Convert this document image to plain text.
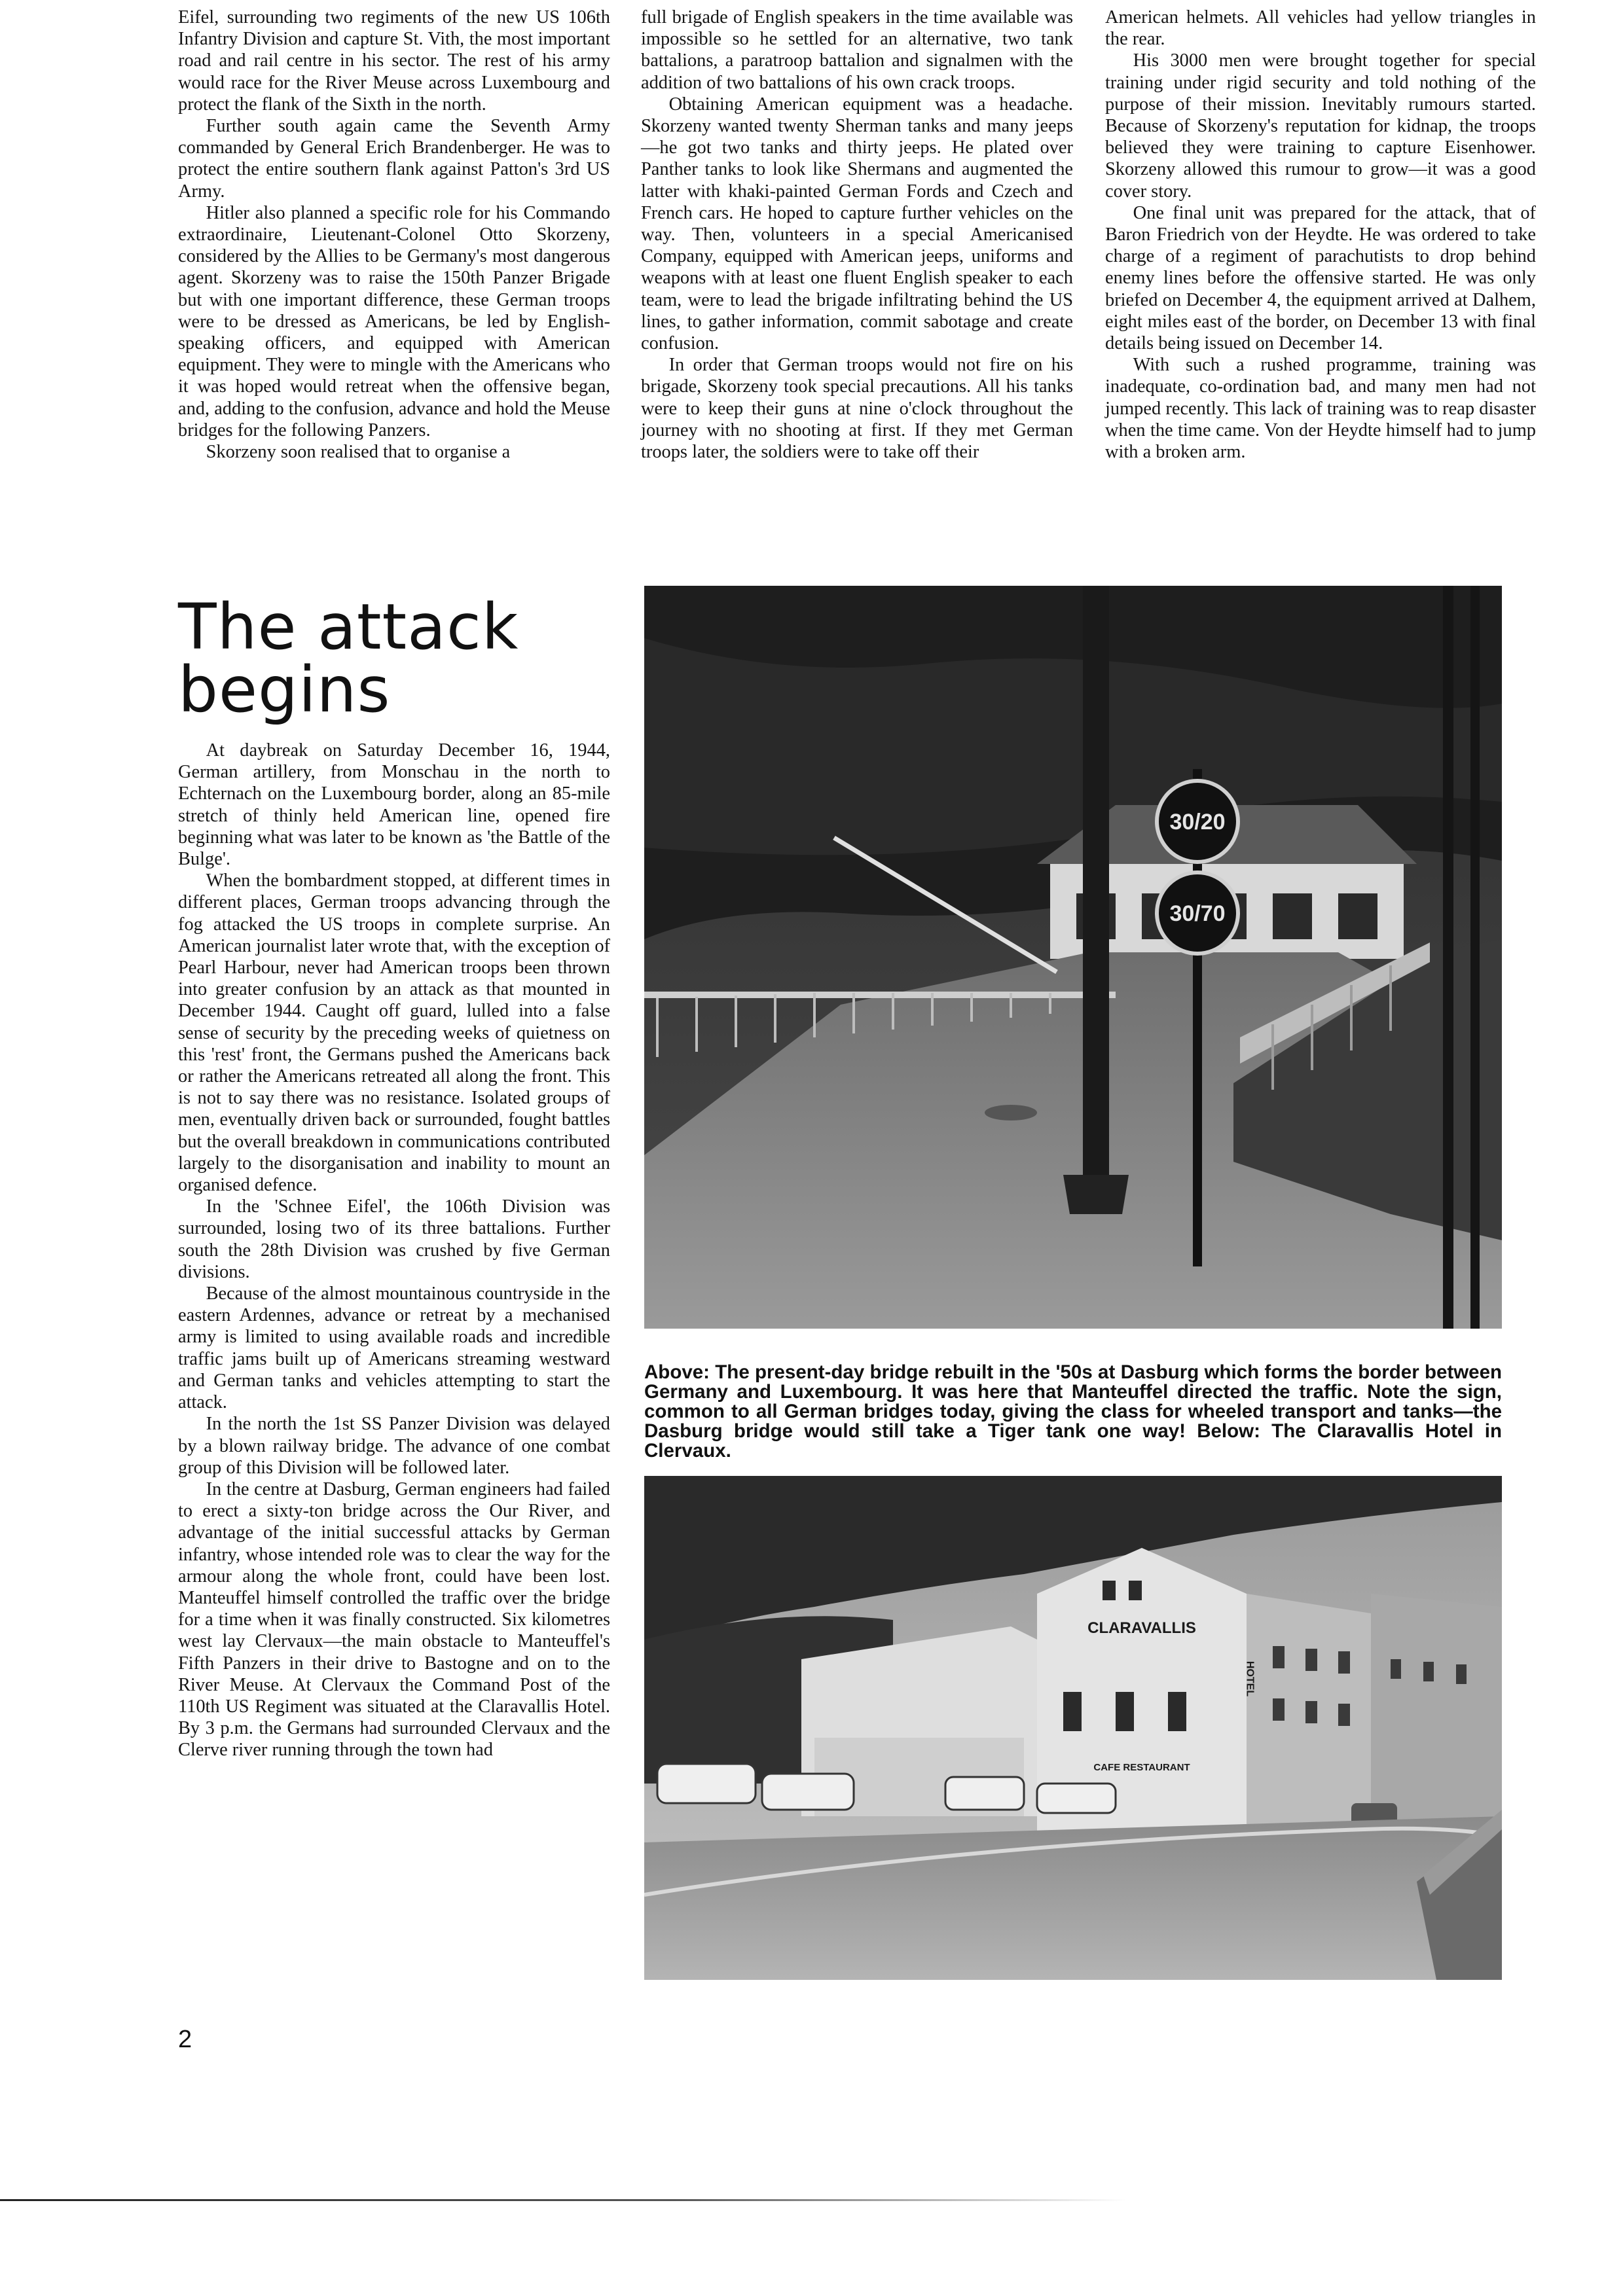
Eifel, surrounding two regiments of the new US 106th Infantry Division and capture St. Vith, the most important road and rail centre in his sector. The rest of his army would race for the River Meuse across Luxembourg and protect the flank of the Sixth in the north.

Further south again came the Seventh Army commanded by General Erich Brandenberger. He was to protect the entire southern flank against Patton's 3rd US Army.

Hitler also planned a specific role for his Commando extraordinaire, Lieutenant-Colonel Otto Skorzeny, considered by the Allies to be Germany's most dangerous agent. Skorzeny was to raise the 150th Panzer Brigade but with one important difference, these German troops were to be dressed as Americans, be led by English-speaking officers, and equipped with American equipment. They were to mingle with the Americans who it was hoped would retreat when the offensive began, and, adding to the confusion, advance and hold the Meuse bridges for the following Panzers.

Skorzeny soon realised that to organise a

full brigade of English speakers in the time available was impossible so he settled for an alternative, two tank battalions, a paratroop battalion and signalmen with the addition of two battalions of his own crack troops.

Obtaining American equipment was a headache. Skorzeny wanted twenty Sherman tanks and many jeeps—he got two tanks and thirty jeeps. He plated over Panther tanks to look like Shermans and augmented the latter with khaki-painted German Fords and Czech and French cars. He hoped to capture further vehicles on the way. Then, volunteers in a special Americanised Company, equipped with American jeeps, uniforms and weapons with at least one fluent English speaker to each team, were to lead the brigade infiltrating behind the US lines, to gather information, commit sabotage and create confusion.

In order that German troops would not fire on his brigade, Skorzeny took special precautions. All his tanks were to keep their guns at nine o'clock throughout the journey with no shooting at first. If they met German troops later, the soldiers were to take off their

American helmets. All vehicles had yellow triangles in the rear.

His 3000 men were brought together for special training under rigid security and told nothing of the purpose of their mission. Inevitably rumours started. Because of Skorzeny's reputation for kidnap, the troops believed they were training to capture Eisenhower. Skorzeny allowed this rumour to grow—it was a good cover story.

One final unit was prepared for the attack, that of Baron Friedrich von der Heydte. He was ordered to take charge of a regiment of parachutists to drop behind enemy lines before the offensive started. He was only briefed on December 4, the equipment arrived at Dalhem, eight miles east of the border, on December 13 with final details being issued on December 14.

With such a rushed programme, training was inadequate, co-ordination bad, and many men had not jumped recently. This lack of training was to reap disaster when the time came. Von der Heydte himself had to jump with a broken arm.

The attack
begins

At daybreak on Saturday December 16, 1944, German artillery, from Monschau in the north to Echternach on the Luxembourg border, along an 85-mile stretch of thinly held American line, opened fire beginning what was later to be known as 'the Battle of the Bulge'.

When the bombardment stopped, at different times in different places, German troops advancing through the fog attacked the US troops in complete surprise. An American journalist later wrote that, with the exception of Pearl Harbour, never had American troops been thrown into greater confusion by an attack as that mounted in December 1944. Caught off guard, lulled into a false sense of security by the preceding weeks of quietness on this 'rest' front, the Germans pushed the Americans back or rather the Americans retreated all along the front. This is not to say there was no resistance. Isolated groups of men, eventually driven back or surrounded, fought battles but the overall breakdown in communications contributed largely to the disorganisation and inability to mount an organised defence.

In the 'Schnee Eifel', the 106th Division was surrounded, losing two of its three battalions. Further south the 28th Division was crushed by five German divisions.

Because of the almost mountainous countryside in the eastern Ardennes, advance or retreat by a mechanised army is limited to using available roads and incredible traffic jams built up of Americans streaming westward and German tanks and vehicles attempting to start the attack.

In the north the 1st SS Panzer Division was delayed by a blown railway bridge. The advance of one combat group of this Division will be followed later.

In the centre at Dasburg, German engineers had failed to erect a sixty-ton bridge across the Our River, and advantage of the initial successful attacks by German infantry, whose intended role was to clear the way for the armour along the whole front, could have been lost. Manteuffel himself controlled the traffic over the bridge for a time when it was finally constructed. Six kilometres west lay Clervaux—the main obstacle to Manteuffel's Fifth Panzers in their drive to Bastogne and on to the River Meuse. At Clervaux the Command Post of the 110th US Regiment was situated at the Claravallis Hotel. By 3 p.m. the Germans had surrounded Clervaux and the Clerve river running through the town had

30/20
30/70
Above: The present-day bridge rebuilt in the '50s at Dasburg which forms the border between Germany and Luxembourg. It was here that Manteuffel directed the traffic. Note the sign, common to all German bridges today, giving the class for wheeled transport and tanks—the Dasburg bridge would still take a Tiger tank one way! Below: The Claravallis Hotel in Clervaux.
CLARAVALLIS
CAFE RESTAURANT
HOTEL
2
